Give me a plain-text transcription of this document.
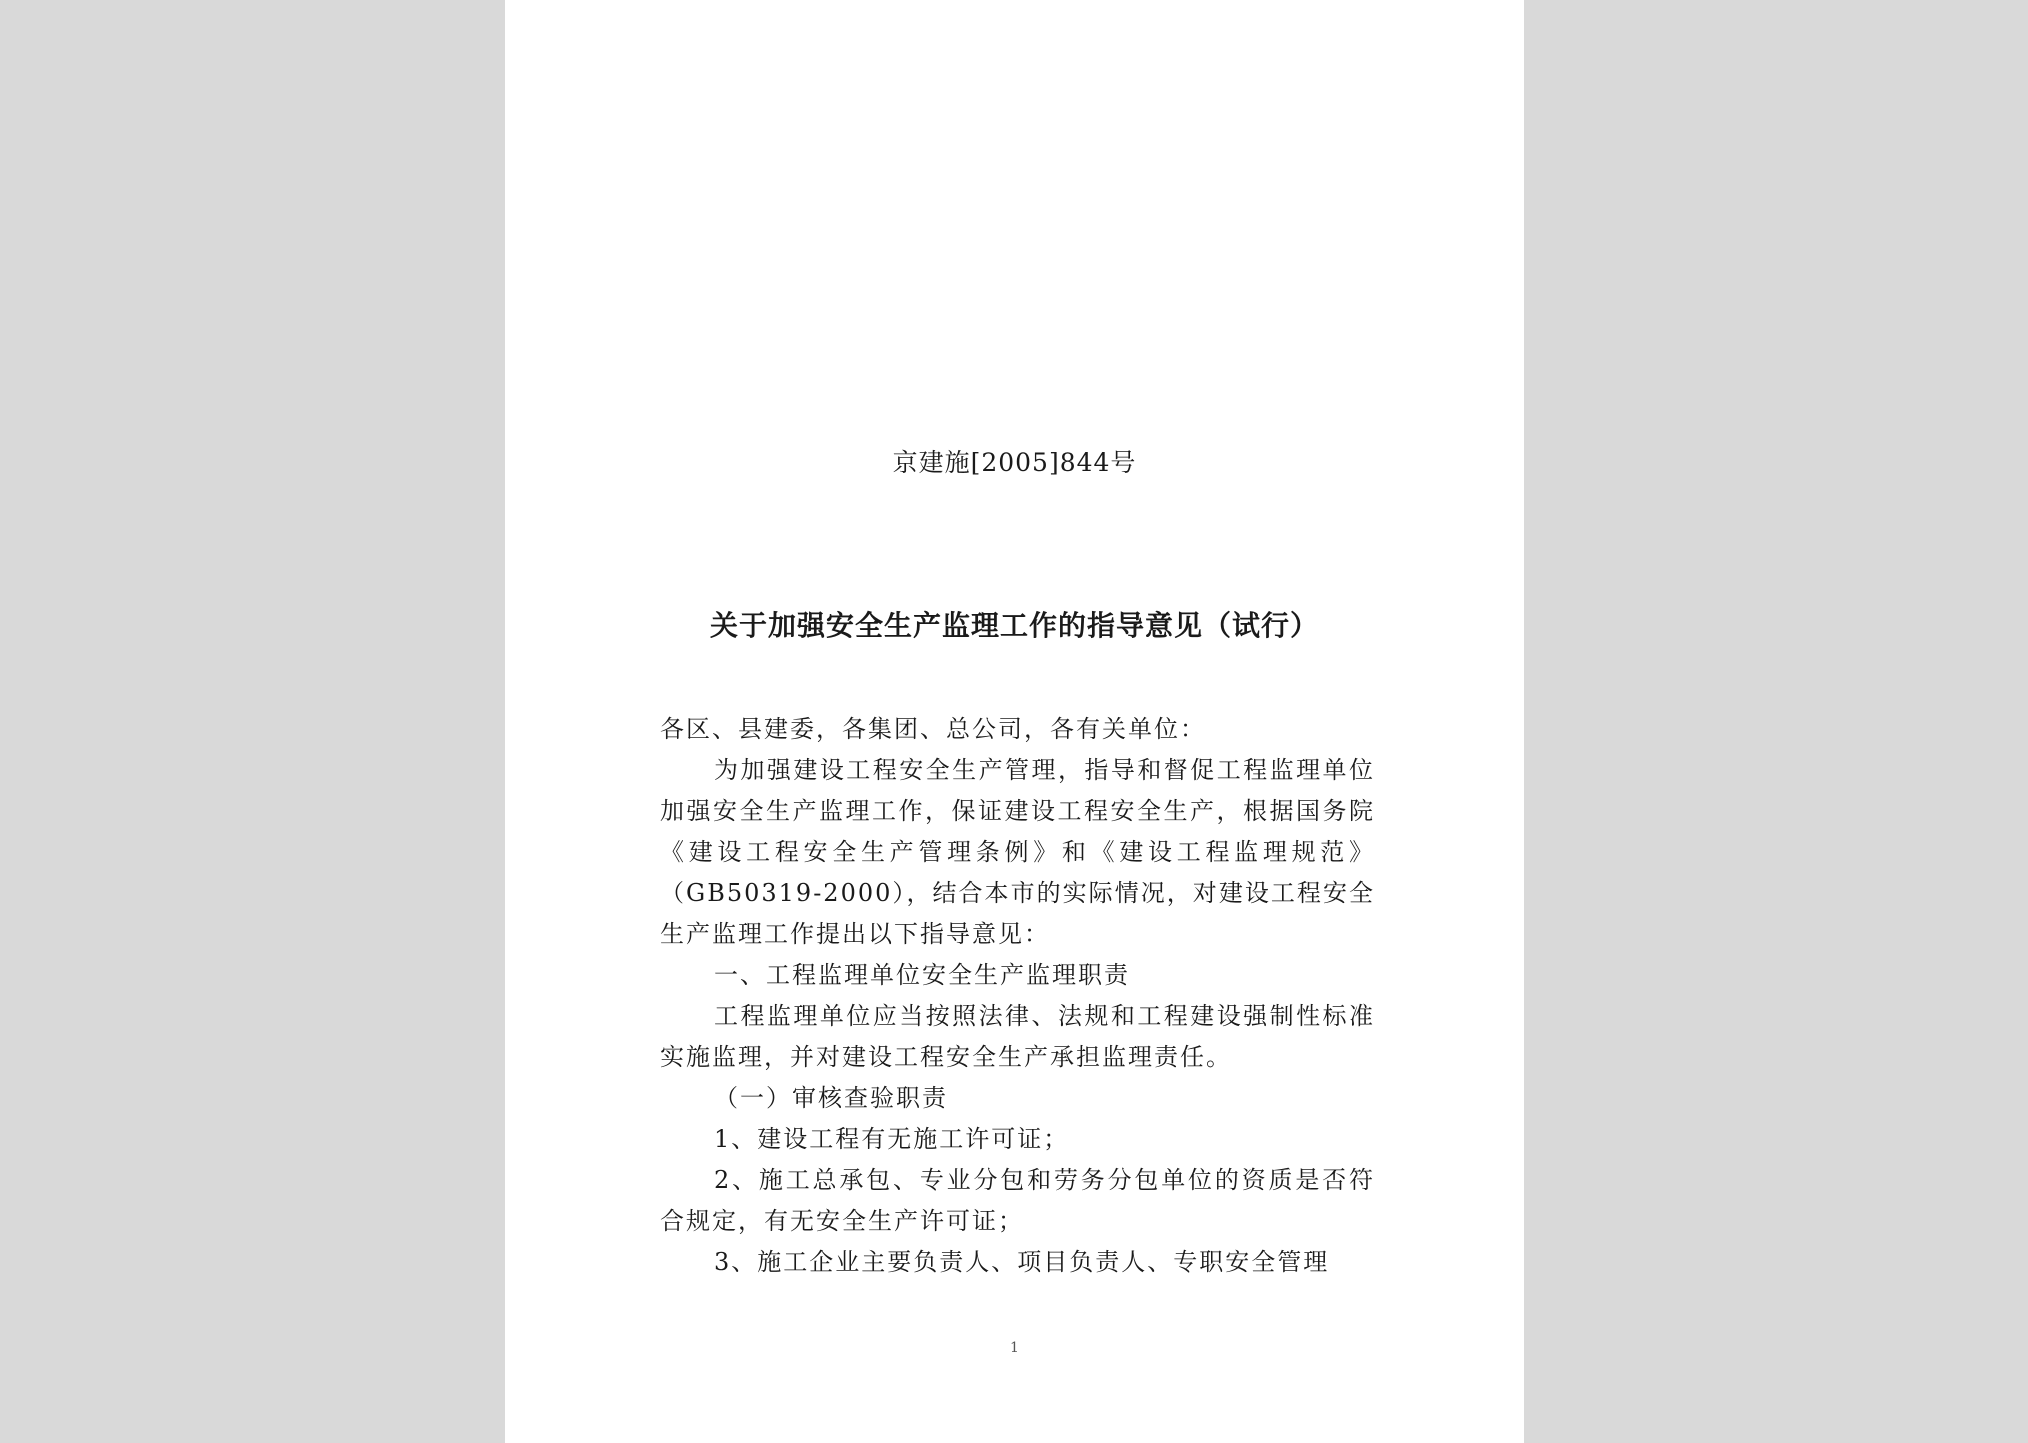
京建施[2005]844号
关于加强安全生产监理工作的指导意见（试行）

各区、县建委，各集团、总公司，各有关单位：

为加强建设工程安全生产管理，指导和督促工程监理单位加强安全生产监理工作，保证建设工程安全生产，根据国务院《建设工程安全生产管理条例》和《建设工程监理规范》（GB50319-2000），结合本市的实际情况，对建设工程安全生产监理工作提出以下指导意见：

一、工程监理单位安全生产监理职责

工程监理单位应当按照法律、法规和工程建设强制性标准实施监理，并对建设工程安全生产承担监理责任。

（一）审核查验职责

1、建设工程有无施工许可证；

2、施工总承包、专业分包和劳务分包单位的资质是否符合规定，有无安全生产许可证；

3、施工企业主要负责人、项目负责人、专职安全管理

1
